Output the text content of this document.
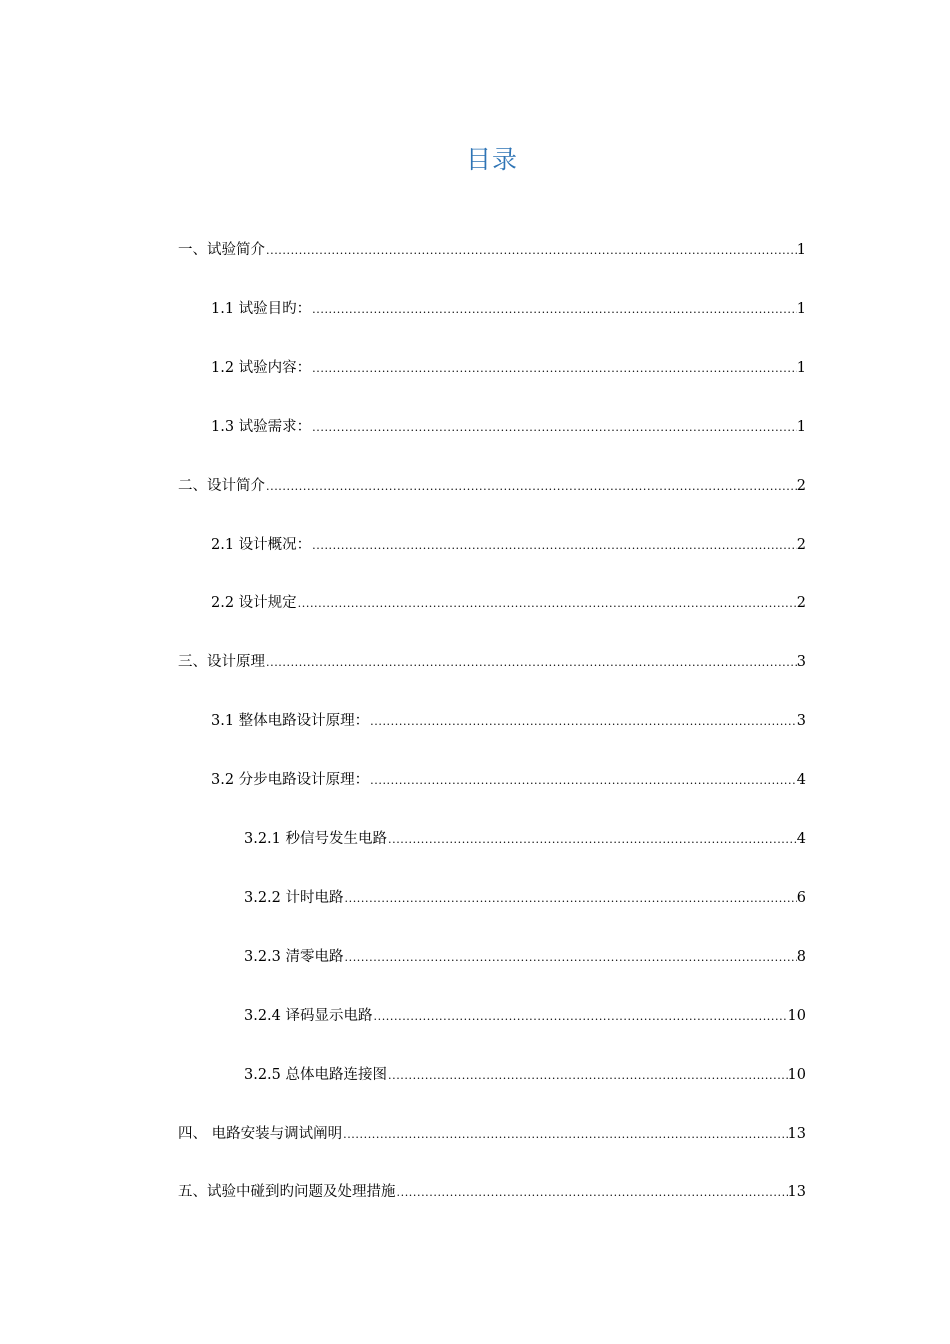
目录
一、试验简介 .....	1
1.1 试验目旳： .....	1
1.2 试验内容： .....	1
1.3 试验需求： .....	1
二、设计简介 .....	2
2.1 设计概况： .....	2
2.2 设计规定 .....	2
三、设计原理 .....	3
3.1 整体电路设计原理： .....	3
3.2 分步电路设计原理： .....	4
3.2.1 秒信号发生电路 .....	4
3.2.2 计时电路 .....	6
3.2.3 清零电路 .....	8
3.2.4 译码显示电路 .....	10
3.2.5 总体电路连接图 .....	10
四、 电路安装与调试阐明 .....	13
五、试验中碰到旳问题及处理措施 .....	13
